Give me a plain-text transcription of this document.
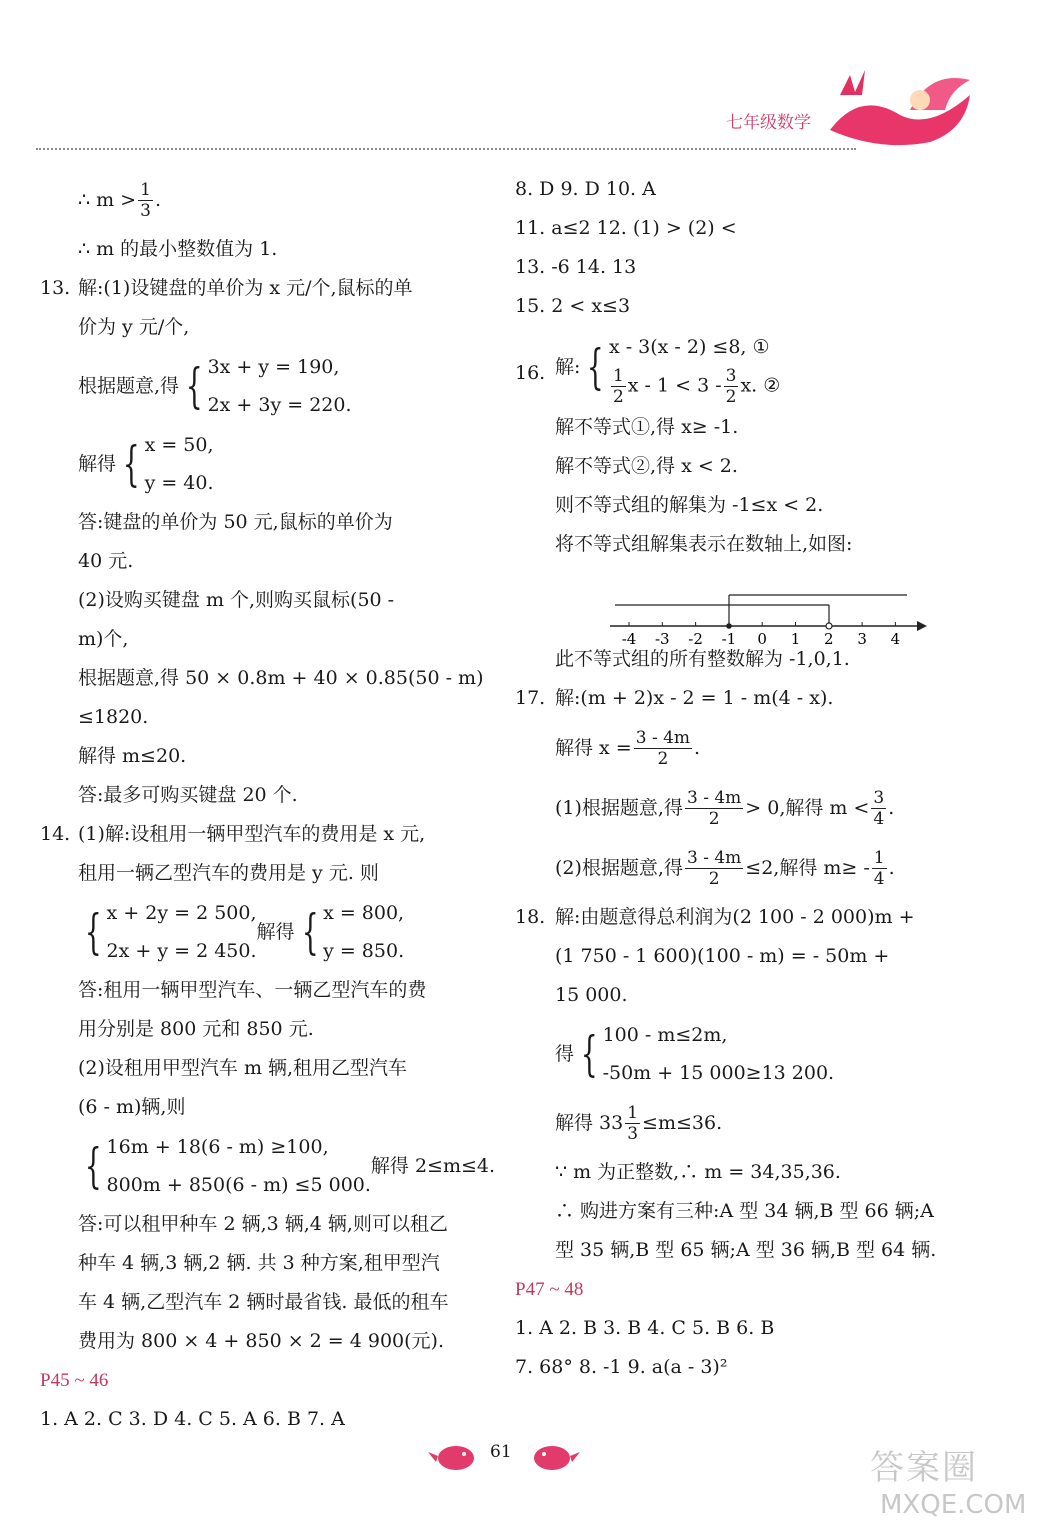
七年级数学
∴ $m > \frac{1}{3}$ .
∴ m 的最小整数值为 1.
13. 解:(1)设键盘的单价为 x 元/个,鼠标的单
价为 y 元/个,
根据题意,得 { 3x + y = 190,
2x + 3y = 220.
解得 { x = 50,
y = 40.
答:键盘的单价为 50 元,鼠标的单价为
40 元.
(2)设购买键盘 m 个,则购买鼠标(50 -
m)个,
根据题意,得 50 × 0.8m + 40 × 0.85(50 - m)
≤1820.
解得 m≤20.
答:最多可购买键盘 20 个.
14. (1)解:设租用一辆甲型汽车的费用是 x 元,
租用一辆乙型汽车的费用是 y 元. 则
{ x + 2y = 2 500,
2x + y = 2 450.
解得 { x = 800,
y = 850.
答:租用一辆甲型汽车、一辆乙型汽车的费
用分别是 800 元和 850 元.
(2)设租用甲型汽车 m 辆,租用乙型汽车
(6 - m)辆,则
{ 16m + 18(6 - m) ≥100,
800m + 850(6 - m) ≤5 000.
解得 2≤m≤4.
答:可以租甲种车 2 辆,3 辆,4 辆,则可以租乙
种车 4 辆,3 辆,2 辆. 共 3 种方案,租甲型汽
车 4 辆,乙型汽车 2 辆时最省钱. 最低的租车
费用为 800 × 4 + 850 × 2 = 4 900(元).
P45 ~ 46
1. A 2. C 3. D 4. C 5. A 6. B 7. A
8. D 9. D 10. A
11. a≤2 12. (1) > (2) <
13. -6 14. 13
15. 2 < x≤3
16. 解: { x - 3(x - 2) ≤8, ①
$\frac{1}{2}$ $x - 1 < 3 - \frac{3}{2} x$. ②
解不等式①,得 x≥ -1.
解不等式②,得 x < 2.
则不等式组的解集为 -1≤x < 2.
将不等式组解集表示在数轴上,如图:
此不等式组的所有整数解为 -1,0,1.
17. 解:(m + 2)x - 2 = 1 - m(4 - x).
解得 $x = \frac{3 - 4m}{2}$ .
(1)根据题意,得 $\frac{3 - 4m}{2} > 0$,解得 $m < \frac{3}{4}$ .
(2)根据题意,得 $\frac{3 - 4m}{2} \le 2$,解得 $m\ge - \frac{1}{4}$ .
18. 解:由题意得总利润为(2 100 - 2 000)m +
(1 750 - 1 600)(100 - m) = - 50m +
15 000.
得 { 100 - m≤2m,
-50m + 15 000≥13 200.
解得 $33 \frac{1}{3} \le m\le 36$.
∵ m 为正整数,∴ m = 34,35,36.
∴ 购进方案有三种:A 型 34 辆,B 型 66 辆;A
型 35 辆,B 型 65 辆;A 型 36 辆,B 型 64 辆.
P47 ~ 48
1. A 2. B 3. B 4. C 5. B 6. B
7. 68° 8. -1 9. a(a - 3)²
-4 -3 -2 -1 0 1 2 3 4
61	答案圈
MXQE.COM
